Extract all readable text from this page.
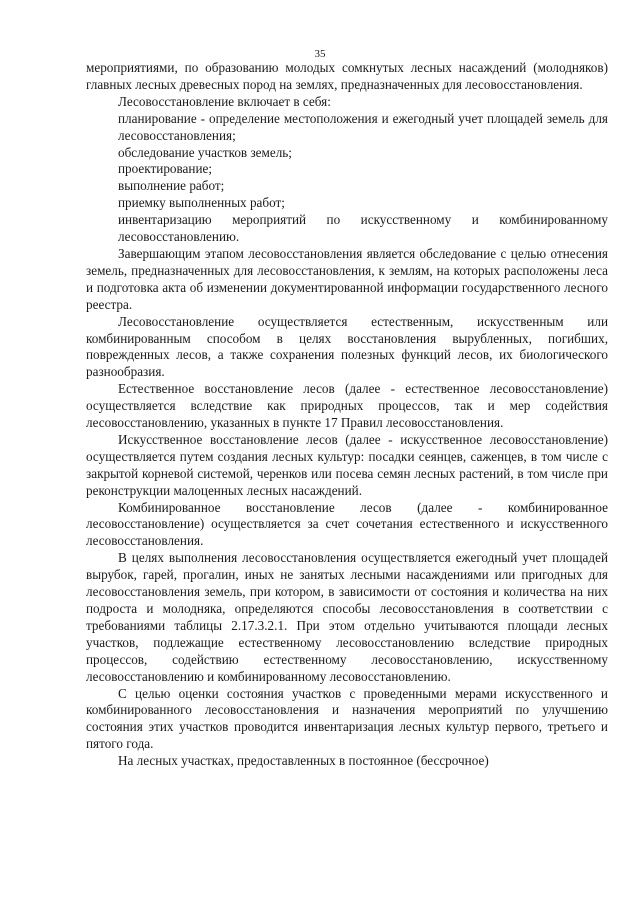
35

мероприятиями, по образованию молодых сомкнутых лесных насаждений (молодняков) главных лесных древесных пород на землях, предназначенных для лесовосстановления.

Лесовосстановление включает в себя:

планирование - определение местоположения и ежегодный учет площадей земель для лесовосстановления;
обследование участков земель;
проектирование;
выполнение работ;
приемку выполненных работ;
инвентаризацию мероприятий по искусственному и комбинированному лесовосстановлению.

Завершающим этапом лесовосстановления является обследование с целью отнесения земель, предназначенных для лесовосстановления, к землям, на которых расположены леса и подготовка акта об изменении документированной информации государственного лесного реестра.

Лесовосстановление осуществляется естественным, искусственным или комбинированным способом в целях восстановления вырубленных, погибших, поврежденных лесов, а также сохранения полезных функций лесов, их биологического разнообразия.

Естественное восстановление лесов (далее - естественное лесовосстановление) осуществляется вследствие как природных процессов, так и мер содействия лесовосстановлению, указанных в пункте 17 Правил лесовосстановления.

Искусственное восстановление лесов (далее - искусственное лесовосстановление) осуществляется путем создания лесных культур: посадки сеянцев, саженцев, в том числе с закрытой корневой системой, черенков или посева семян лесных растений, в том числе при реконструкции малоценных лесных насаждений.

Комбинированное восстановление лесов (далее - комбинированное лесовосстановление) осуществляется за счет сочетания естественного и искусственного лесовосстановления.

В целях выполнения лесовосстановления осуществляется ежегодный учет площадей вырубок, гарей, прогалин, иных не занятых лесными насаждениями или пригодных для лесовосстановления земель, при котором, в зависимости от состояния и количества на них подроста и молодняка, определяются способы лесовосстановления в соответствии с требованиями таблицы 2.17.3.2.1. При этом отдельно учитываются площади лесных участков, подлежащие естественному лесовосстановлению вследствие природных процессов, содействию естественному лесовосстановлению, искусственному лесовосстановлению и комбинированному лесовосстановлению.

С целью оценки состояния участков с проведенными мерами искусственного и комбинированного лесовосстановления и назначения мероприятий по улучшению состояния этих участков проводится инвентаризация лесных культур первого, третьего и пятого года.

На лесных участках, предоставленных в постоянное (бессрочное)
